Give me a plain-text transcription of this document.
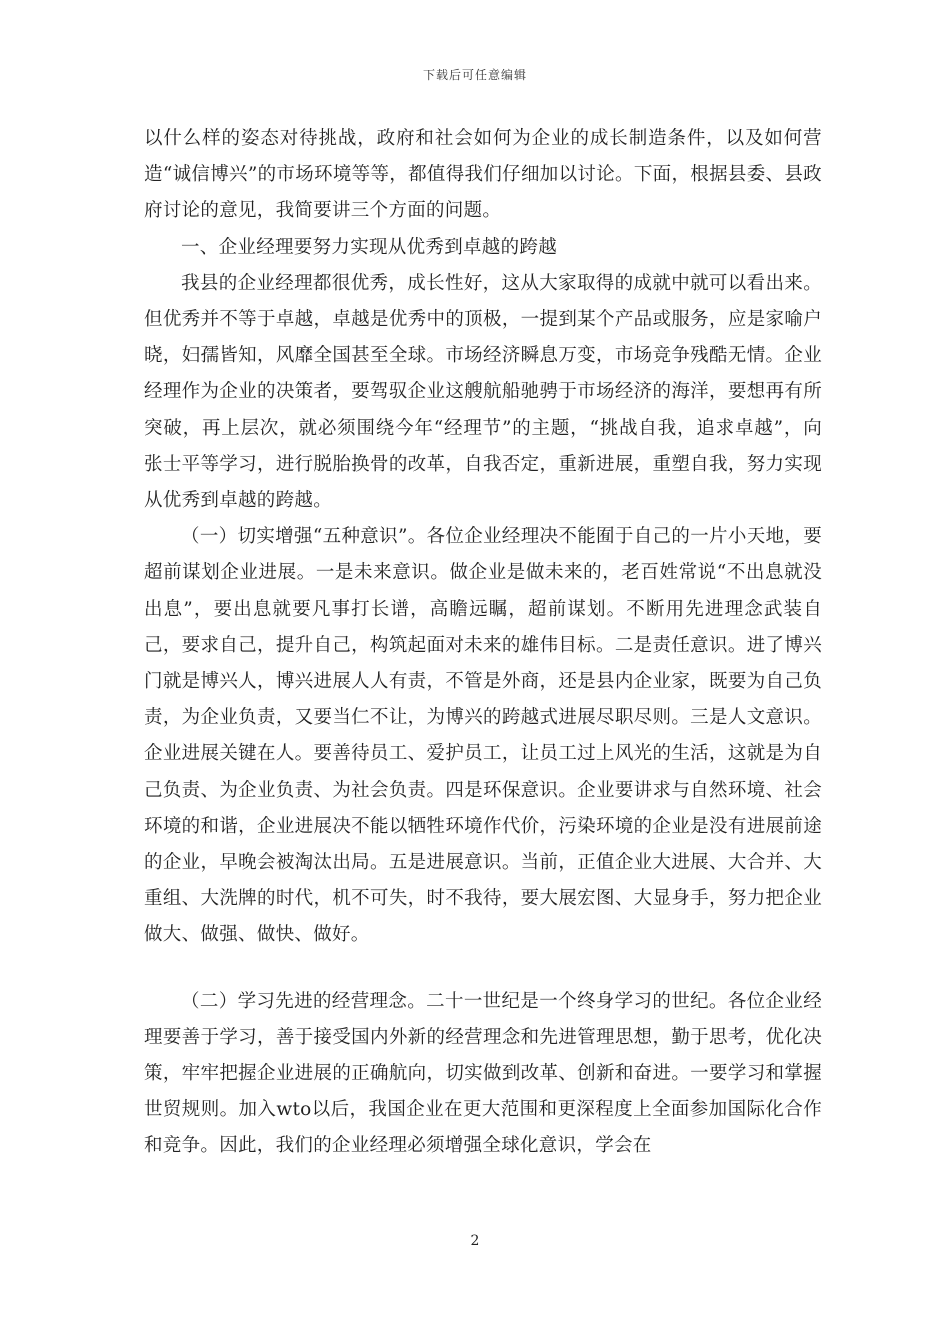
下载后可任意编辑

以什么样的姿态对待挑战，政府和社会如何为企业的成长制造条件，以及如何营造“诚信博兴”的市场环境等等，都值得我们仔细加以讨论。下面，根据县委、县政府讨论的意见，我简要讲三个方面的问题。

一、企业经理要努力实现从优秀到卓越的跨越

我县的企业经理都很优秀，成长性好，这从大家取得的成就中就可以看出来。但优秀并不等于卓越，卓越是优秀中的顶极，一提到某个产品或服务，应是家喻户晓，妇孺皆知，风靡全国甚至全球。市场经济瞬息万变，市场竞争残酷无情。企业经理作为企业的决策者，要驾驭企业这艘航船驰骋于市场经济的海洋，要想再有所突破，再上层次，就必须围绕今年“经理节”的主题，“挑战自我，追求卓越”，向张士平等学习，进行脱胎换骨的改革，自我否定，重新进展，重塑自我，努力实现从优秀到卓越的跨越。

（一）切实增强“五种意识”。各位企业经理决不能囿于自己的一片小天地，要超前谋划企业进展。一是未来意识。做企业是做未来的，老百姓常说“不出息就没出息”，要出息就要凡事打长谱，高瞻远瞩，超前谋划。不断用先进理念武装自己，要求自己，提升自己，构筑起面对未来的雄伟目标。二是责任意识。进了博兴门就是博兴人，博兴进展人人有责，不管是外商，还是县内企业家，既要为自己负责，为企业负责，又要当仁不让，为博兴的跨越式进展尽职尽则。三是人文意识。企业进展关键在人。要善待员工、爱护员工，让员工过上风光的生活，这就是为自己负责、为企业负责、为社会负责。四是环保意识。企业要讲求与自然环境、社会环境的和谐，企业进展决不能以牺牲环境作代价，污染环境的企业是没有进展前途的企业，早晚会被淘汰出局。五是进展意识。当前，正值企业大进展、大合并、大重组、大洗牌的时代，机不可失，时不我待，要大展宏图、大显身手，努力把企业做大、做强、做快、做好。

（二）学习先进的经营理念。二十一世纪是一个终身学习的世纪。各位企业经理要善于学习，善于接受国内外新的经营理念和先进管理思想，勤于思考，优化决策，牢牢把握企业进展的正确航向，切实做到改革、创新和奋进。一要学习和掌握世贸规则。加入wto以后，我国企业在更大范围和更深程度上全面参加国际化合作和竞争。因此，我们的企业经理必须增强全球化意识，学会在

2
